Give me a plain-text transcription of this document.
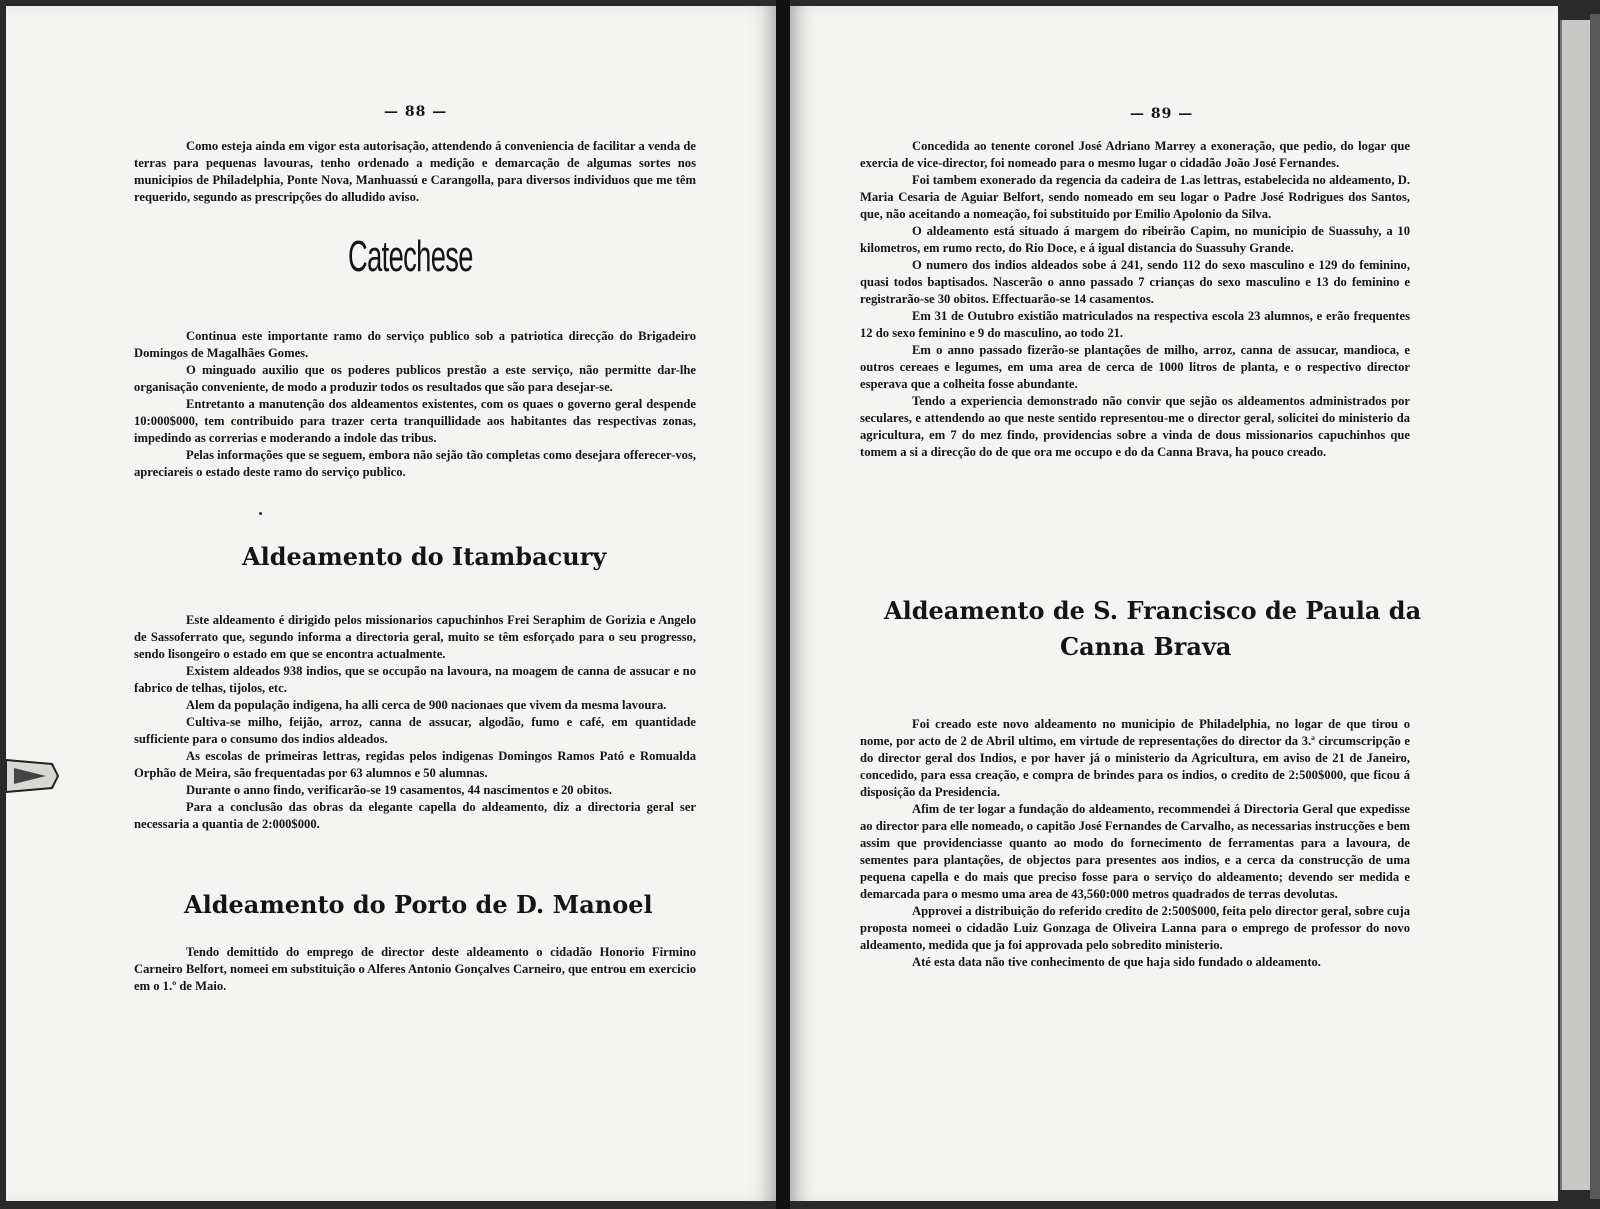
— 88 —

Como esteja ainda em vigor esta autorisação, attendendo á conveniencia de facilitar a venda de terras para pequenas lavouras, tenho ordenado a medição e demarcação de algumas sortes nos municipios de Philadelphia, Ponte Nova, Manhuassú e Carangolla, para diversos individuos que me têm requerido, segundo as prescripções do alludido aviso.

Catechese

Continua este importante ramo do serviço publico sob a patriotica direcção do Brigadeiro Domingos de Magalhães Gomes.

O minguado auxilio que os poderes publicos prestão a este serviço, não permitte dar-lhe organisação conveniente, de modo a produzir todos os resultados que são para desejar-se.

Entretanto a manutenção dos aldeamentos existentes, com os quaes o governo geral despende 10:000$000, tem contribuido para trazer certa tranquillidade aos habitantes das respectivas zonas, impedindo as correrias e moderando a indole das tribus.

Pelas informações que se seguem, embora não sejão tão completas como desejara offerecer-vos, apreciareis o estado deste ramo do serviço publico.

Aldeamento do Itambacury

Este aldeamento é dirigido pelos missionarios capuchinhos Frei Seraphim de Gorizia e Angelo de Sassoferrato que, segundo informa a directoria geral, muito se têm esforçado para o seu progresso, sendo lisongeiro o estado em que se encontra actualmente.

Existem aldeados 938 indios, que se occupão na lavoura, na moagem de canna de assucar e no fabrico de telhas, tijolos, etc.

Alem da população indigena, ha alli cerca de 900 nacionaes que vivem da mesma lavoura.

Cultiva-se milho, feijão, arroz, canna de assucar, algodão, fumo e café, em quantidade sufficiente para o consumo dos indios aldeados.

As escolas de primeiras lettras, regidas pelos indigenas Domingos Ramos Pató e Romualda Orphão de Meira, são frequentadas por 63 alumnos e 50 alumnas.

Durante o anno findo, verificarão-se 19 casamentos, 44 nascimentos e 20 obitos.

Para a conclusão das obras da elegante capella do aldeamento, diz a directoria geral ser necessaria a quantia de 2:000$000.

Aldeamento do Porto de D. Manoel

Tendo demittido do emprego de director deste aldeamento o cidadão Honorio Firmino Carneiro Belfort, nomeei em substituição o Alferes Antonio Gonçalves Carneiro, que entrou em exercicio em o 1.º de Maio.

— 89 —

Concedida ao tenente coronel José Adriano Marrey a exoneração, que pedio, do logar que exercia de vice-director, foi nomeado para o mesmo lugar o cidadão João José Fernandes.

Foi tambem exonerado da regencia da cadeira de 1.as lettras, estabelecida no aldeamento, D. Maria Cesaria de Aguiar Belfort, sendo nomeado em seu logar o Padre José Rodrigues dos Santos, que, não aceitando a nomeação, foi substituido por Emilio Apolonio da Silva.

O aldeamento está situado á margem do ribeirão Capim, no municipio de Suassuhy, a 10 kilometros, em rumo recto, do Rio Doce, e á igual distancia do Suassuhy Grande.

O numero dos indios aldeados sobe á 241, sendo 112 do sexo masculino e 129 do feminino, quasi todos baptisados. Nascerão o anno passado 7 crianças do sexo masculino e 13 do feminino e registrarão-se 30 obitos. Effectuarão-se 14 casamentos.

Em 31 de Outubro existião matriculados na respectiva escola 23 alumnos, e erão frequentes 12 do sexo feminino e 9 do masculino, ao todo 21.

Em o anno passado fizerão-se plantações de milho, arroz, canna de assucar, mandioca, e outros cereaes e legumes, em uma area de cerca de 1000 litros de planta, e o respectivo director esperava que a colheita fosse abundante.

Tendo a experiencia demonstrado não convir que sejão os aldeamentos administrados por seculares, e attendendo ao que neste sentido representou-me o director geral, solicitei do ministerio da agricultura, em 7 do mez findo, providencias sobre a vinda de dous missionarios capuchinhos que tomem a si a direcção do de que ora me occupo e do da Canna Brava, ha pouco creado.

Aldeamento de S. Francisco de Paula da
Canna Brava

Foi creado este novo aldeamento no municipio de Philadelphia, no logar de que tirou o nome, por acto de 2 de Abril ultimo, em virtude de representações do director da 3.ª circumscripção e do director geral dos Indios, e por haver já o ministerio da Agricultura, em aviso de 21 de Janeiro, concedido, para essa creação, e compra de brindes para os indios, o credito de 2:500$000, que ficou á disposição da Presidencia.

Afim de ter logar a fundação do aldeamento, recommendei á Directoria Geral que expedisse ao director para elle nomeado, o capitão José Fernandes de Carvalho, as necessarias instrucções e bem assim que providenciasse quanto ao modo do fornecimento de ferramentas para a lavoura, de sementes para plantações, de objectos para presentes aos indios, e a cerca da construcção de uma pequena capella e do mais que preciso fosse para o serviço do aldeamento; devendo ser medida e demarcada para o mesmo uma area de 43,560:000 metros quadrados de terras devolutas.

Approvei a distribuição do referido credito de 2:500$000, feita pelo director geral, sobre cuja proposta nomeei o cidadão Luiz Gonzaga de Oliveira Lanna para o emprego de professor do novo aldeamento, medida que ja foi approvada pelo sobredito ministerio.

Até esta data não tive conhecimento de que haja sido fundado o aldeamento.
